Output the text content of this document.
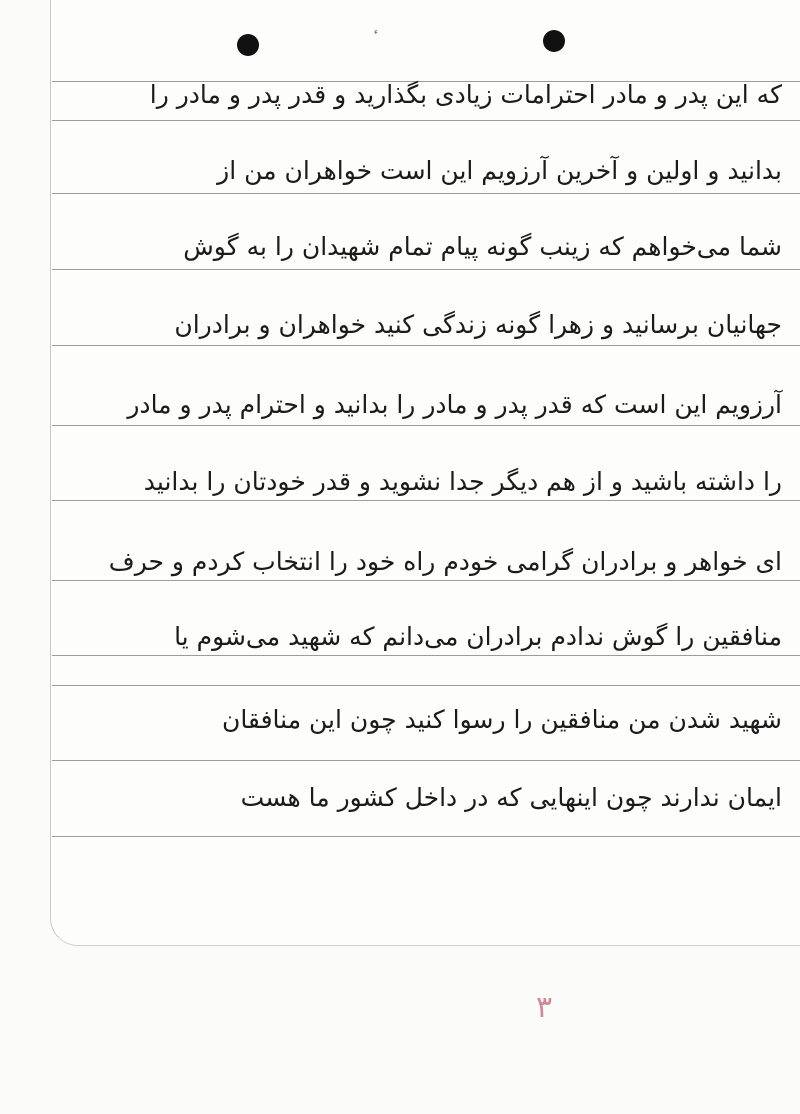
که این پدر و مادر احترامات زیادی بگذارید و قدر پدر و مادر را
بدانید و اولین و آخرین آرزویم این است خواهران من از
شما می‌خواهم که زینب گونه پیام تمام شهیدان را به گوش
جهانیان برسانید و زهرا گونه زندگی کنید خواهران و برادران
آرزویم این است که قدر پدر و مادر را بدانید و احترام پدر و مادر
را داشته باشید و از هم دیگر جدا نشوید و قدر خودتان را بدانید
ای خواهر و برادران گرامی خودم راه خود را انتخاب کردم و حرف
منافقین را گوش ندادم برادران می‌دانم که شهید می‌شوم یا
شهید شدن من منافقین را رسوا کنید چون این منافقان
ایمان ندارند چون اینهایی که در داخل کشور ما هست
۳
